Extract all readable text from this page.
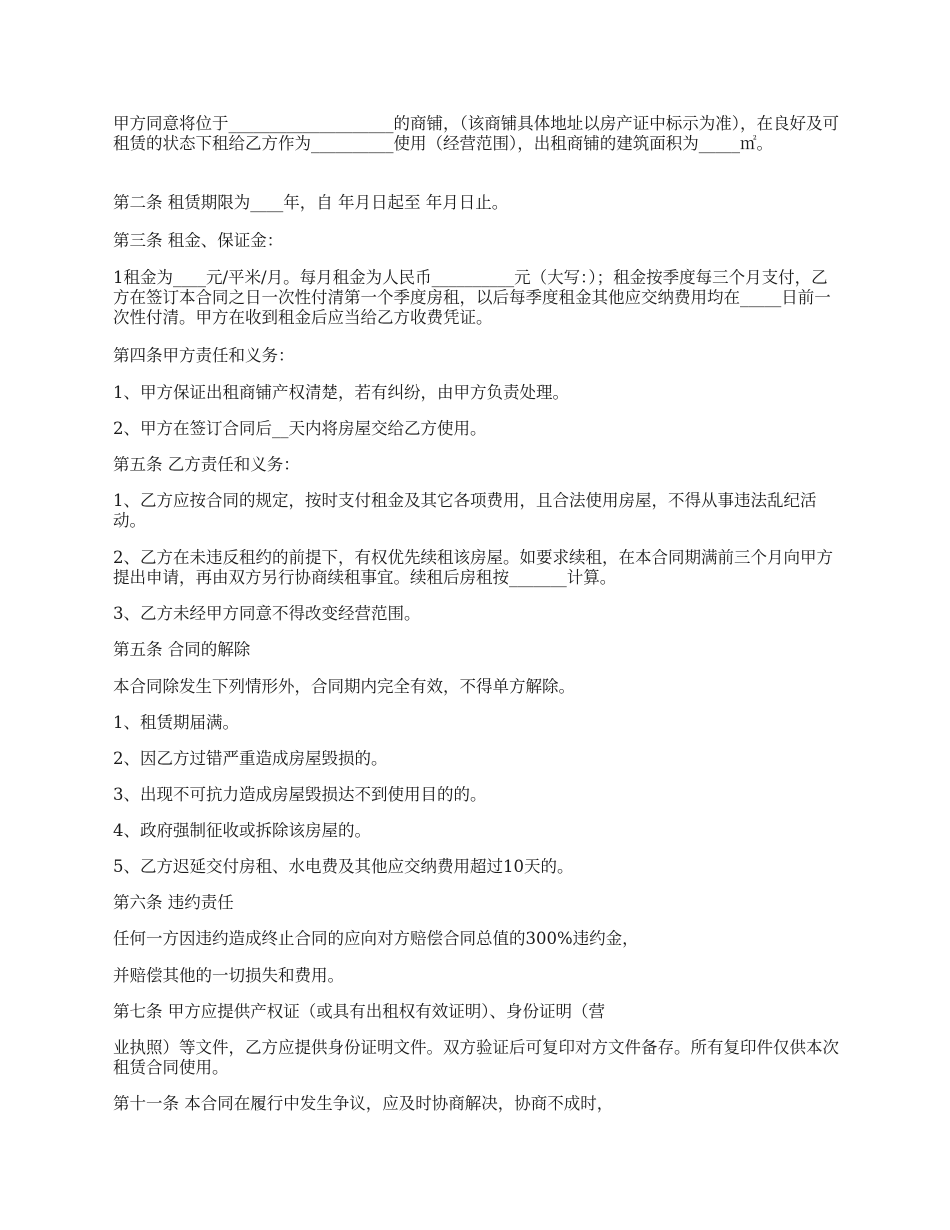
甲方同意将位于____________________的商铺，（该商铺具体地址以房产证中标示为准），在良好及可租赁的状态下租给乙方作为__________使用（经营范围），出租商铺的建筑面积为_____㎡。

第二条 租赁期限为____年，自 年月日起至 年月日止。

第三条 租金、保证金：

1租金为____元/平米/月。每月租金为人民币__________元（大写：）；租金按季度每三个月支付，乙方在签订本合同之日一次性付清第一个季度房租，以后每季度租金其他应交纳费用均在_____日前一次性付清。甲方在收到租金后应当给乙方收费凭证。

第四条甲方责任和义务：

1、甲方保证出租商铺产权清楚，若有纠纷，由甲方负责处理。

2、甲方在签订合同后__天内将房屋交给乙方使用。

第五条 乙方责任和义务：

1、乙方应按合同的规定，按时支付租金及其它各项费用，且合法使用房屋，不得从事违法乱纪活动。

2、乙方在未违反租约的前提下，有权优先续租该房屋。如要求续租，在本合同期满前三个月向甲方提出申请，再由双方另行协商续租事宜。续租后房租按_______计算。

3、乙方未经甲方同意不得改变经营范围。

第五条 合同的解除

本合同除发生下列情形外，合同期内完全有效，不得单方解除。

1、租赁期届满。

2、因乙方过错严重造成房屋毁损的。

3、出现不可抗力造成房屋毁损达不到使用目的的。

4、政府强制征收或拆除该房屋的。

5、乙方迟延交付房租、水电费及其他应交纳费用超过10天的。

第六条 违约责任

任何一方因违约造成终止合同的应向对方赔偿合同总值的300%违约金，

并赔偿其他的一切损失和费用。

第七条 甲方应提供产权证（或具有出租权有效证明）、身份证明（营

业执照）等文件，乙方应提供身份证明文件。双方验证后可复印对方文件备存。所有复印件仅供本次租赁合同使用。

第十一条 本合同在履行中发生争议，应及时协商解决，协商不成时，
